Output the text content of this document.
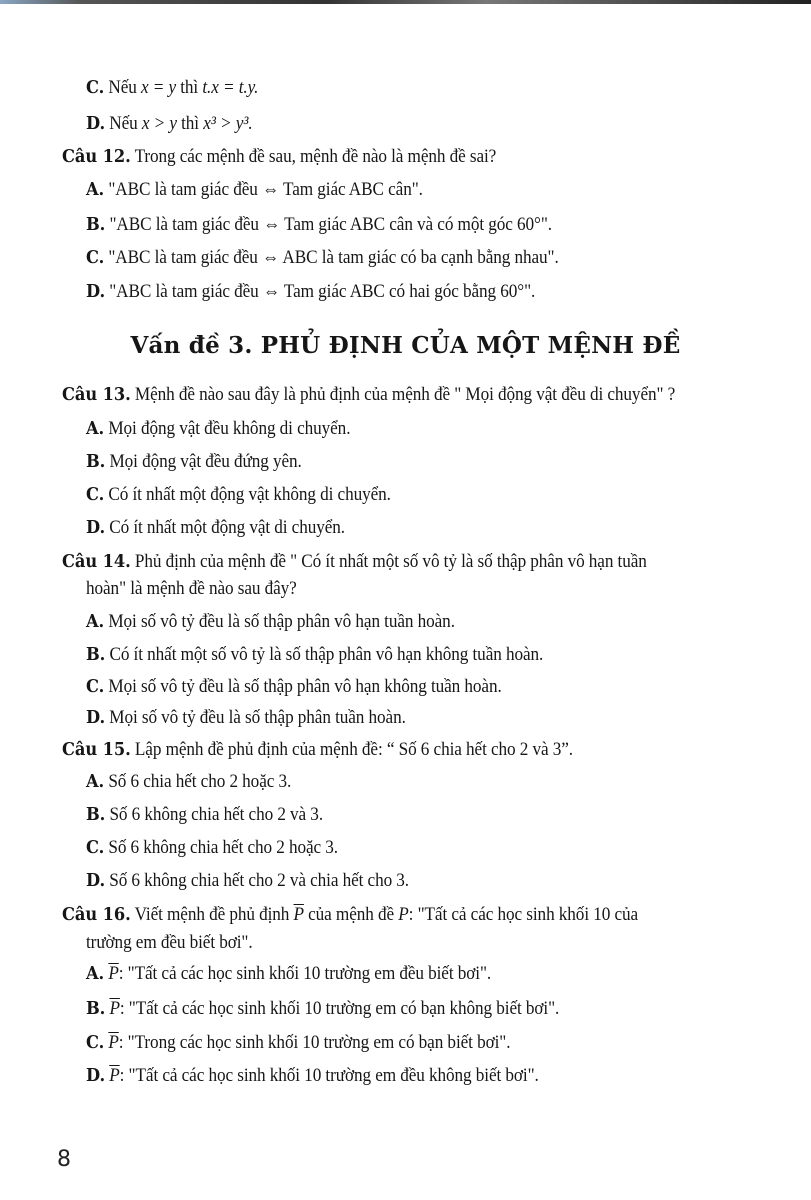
C. Nếu x = y thì t.x = t.y.
D. Nếu x > y thì x³ > y³.
Câu 12. Trong các mệnh đề sau, mệnh đề nào là mệnh đề sai?
A. "ABC là tam giác đều ⇔ Tam giác ABC cân".
B. "ABC là tam giác đều ⇔ Tam giác ABC cân và có một góc 60°".
C. "ABC là tam giác đều ⇔ ABC là tam giác có ba cạnh bằng nhau".
D. "ABC là tam giác đều ⇔ Tam giác ABC có hai góc bằng 60°".
Vấn đề 3. PHỦ ĐỊNH CỦA MỘT MỆNH ĐỀ
Câu 13. Mệnh đề nào sau đây là phủ định của mệnh đề " Mọi động vật đều di chuyển" ?
A. Mọi động vật đều không di chuyển.
B. Mọi động vật đều đứng yên.
C. Có ít nhất một động vật không di chuyển.
D. Có ít nhất một động vật di chuyển.
Câu 14. Phủ định của mệnh đề " Có ít nhất một số vô tỷ là số thập phân vô hạn tuần
hoàn" là mệnh đề nào sau đây?
A. Mọi số vô tỷ đều là số thập phân vô hạn tuần hoàn.
B. Có ít nhất một số vô tỷ là số thập phân vô hạn không tuần hoàn.
C. Mọi số vô tỷ đều là số thập phân vô hạn không tuần hoàn.
D. Mọi số vô tỷ đều là số thập phân tuần hoàn.
Câu 15. Lập mệnh đề phủ định của mệnh đề: “ Số 6 chia hết cho 2 và 3”.
A. Số 6 chia hết cho 2 hoặc 3.
B. Số 6 không chia hết cho 2 và 3.
C. Số 6 không chia hết cho 2 hoặc 3.
D. Số 6 không chia hết cho 2 và chia hết cho 3.
Câu 16. Viết mệnh đề phủ định $\overline{P}$ của mệnh đề P: "Tất cả các học sinh khối 10 của
trường em đều biết bơi".
A. $\overline{P}$: "Tất cả các học sinh khối 10 trường em đều biết bơi".
B. $\overline{P}$: "Tất cả các học sinh khối 10 trường em có bạn không biết bơi".
C. $\overline{P}$: "Trong các học sinh khối 10 trường em có bạn biết bơi".
D. $\overline{P}$: "Tất cả các học sinh khối 10 trường em đều không biết bơi".
8
